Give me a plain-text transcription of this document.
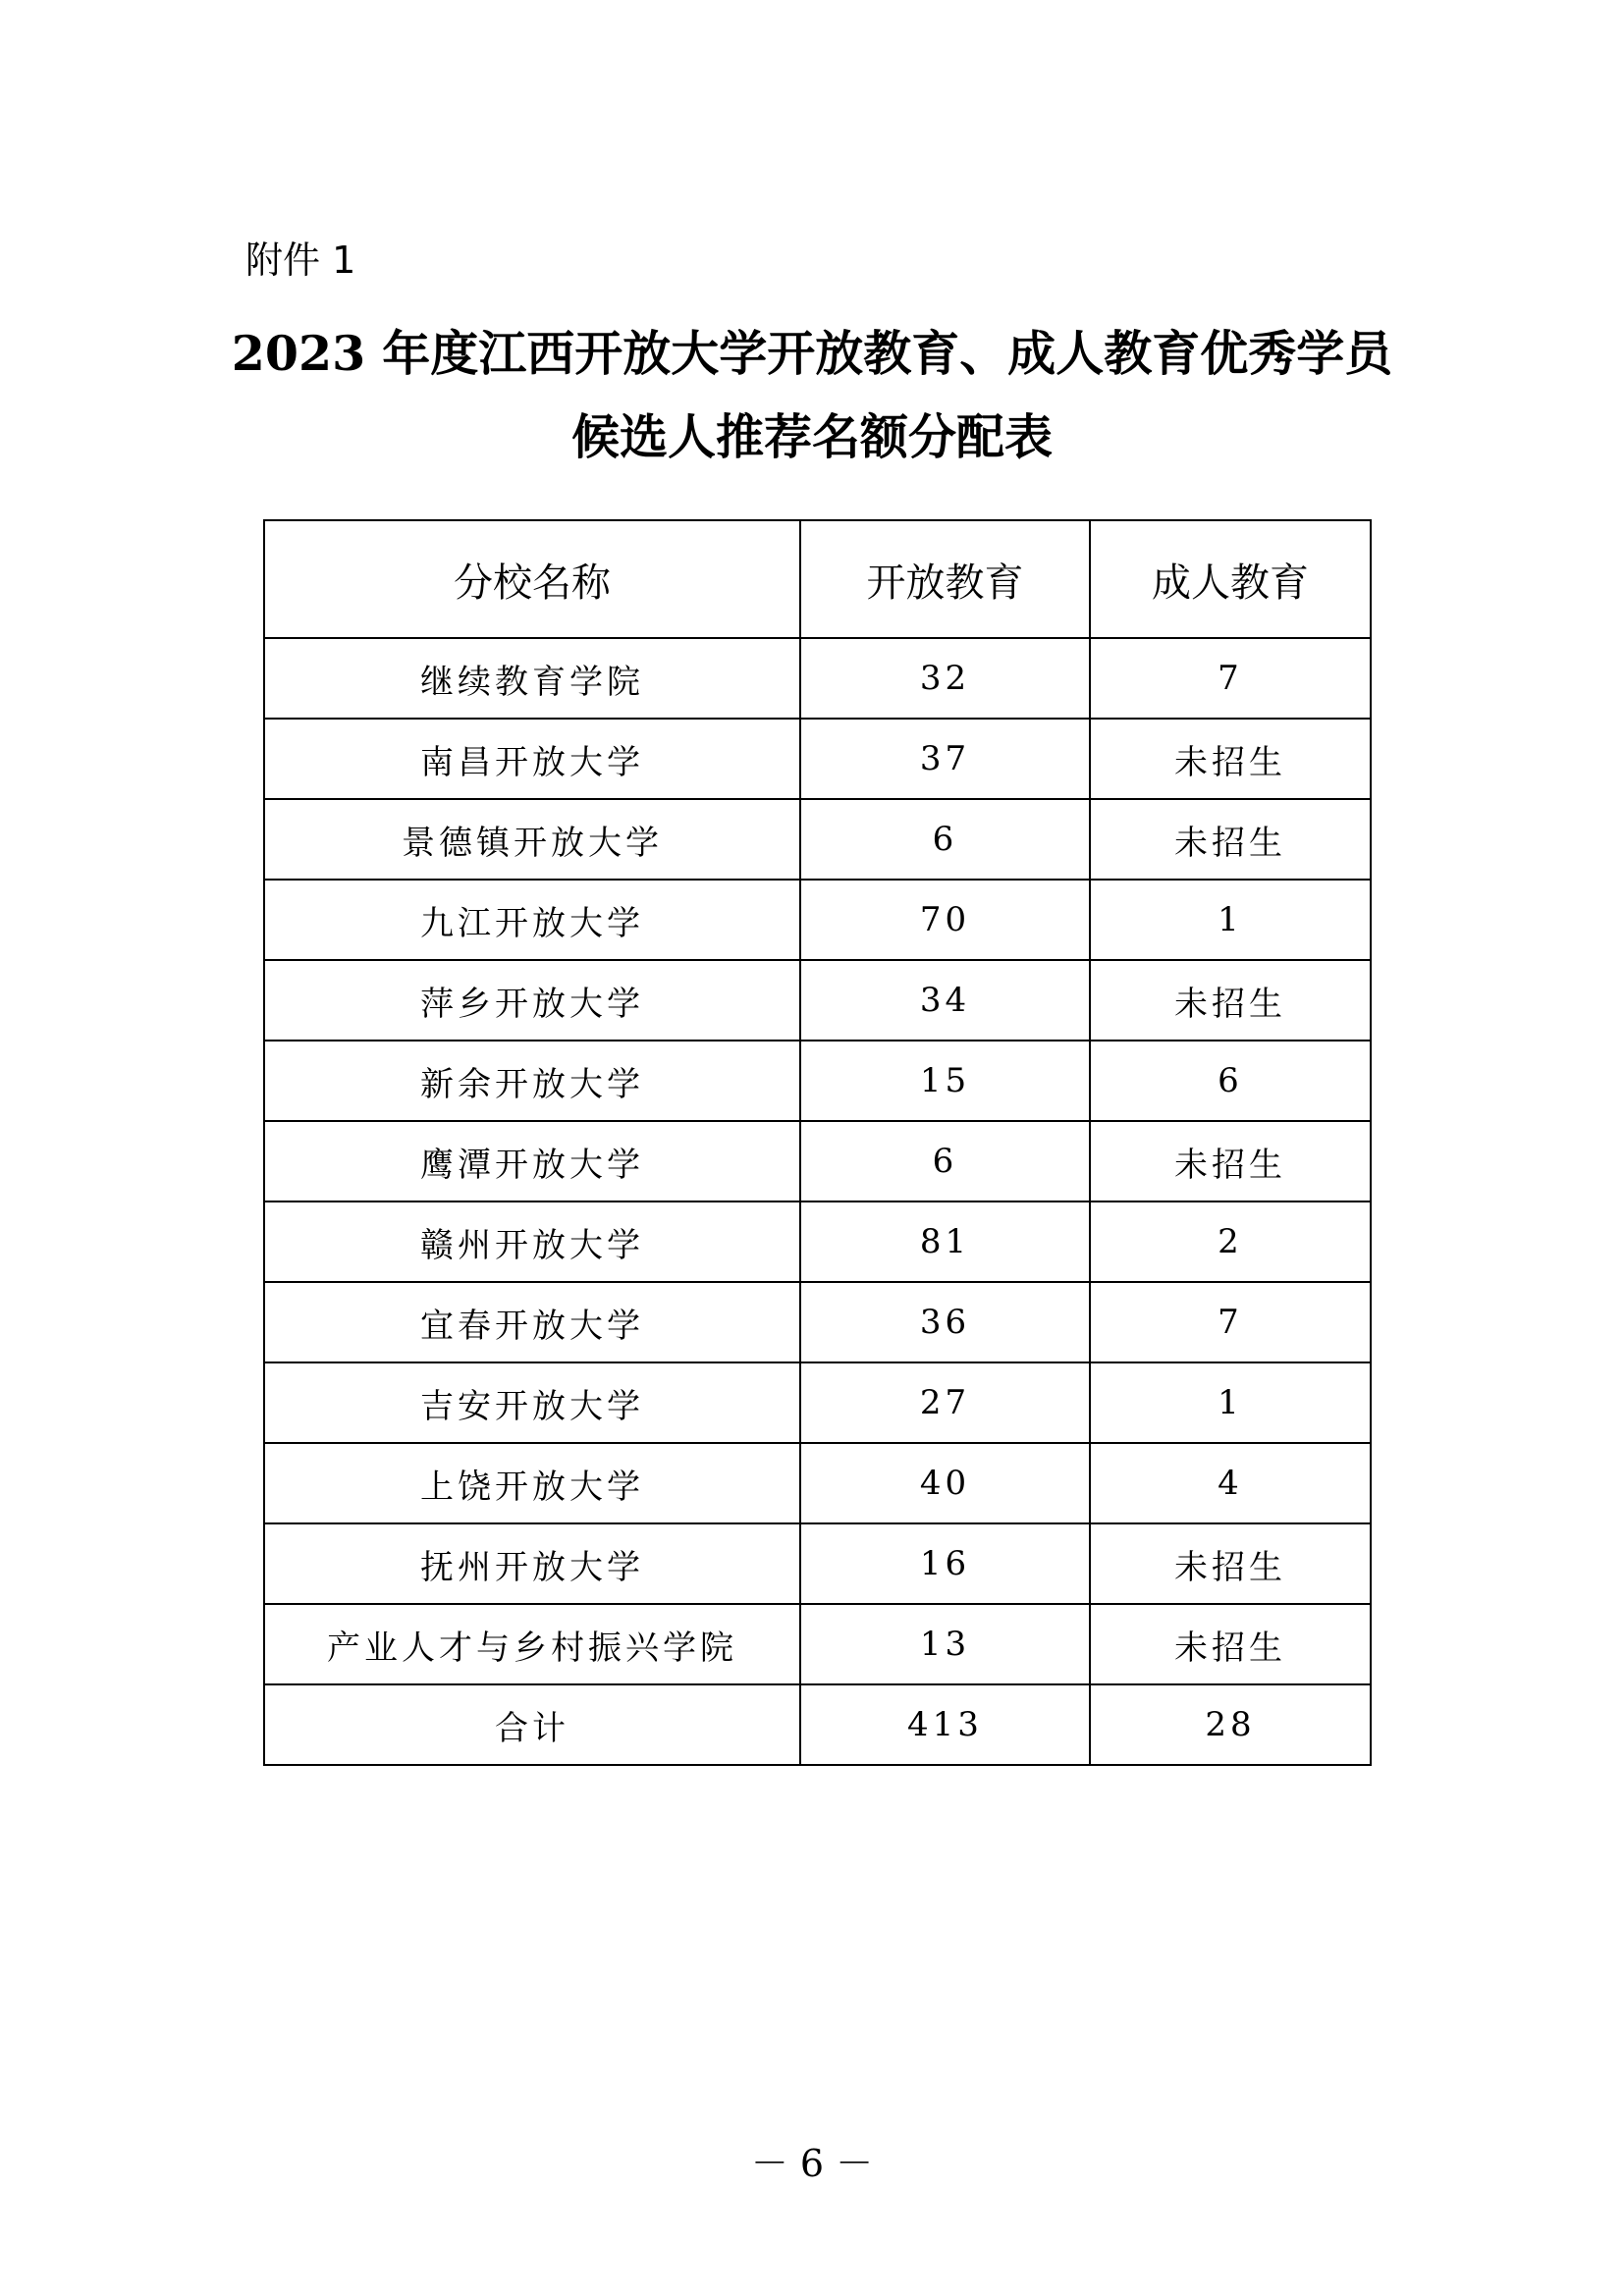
附件 1
2023 年度江西开放大学开放教育、成人教育优秀学员
候选人推荐名额分配表
分校名称	开放教育	成人教育
继续教育学院	32	7
南昌开放大学	37	未招生
景德镇开放大学	6	未招生
九江开放大学	70	1
萍乡开放大学	34	未招生
新余开放大学	15	6
鹰潭开放大学	6	未招生
赣州开放大学	81	2
宜春开放大学	36	7
吉安开放大学	27	1
上饶开放大学	40	4
抚州开放大学	16	未招生
产业人才与乡村振兴学院	13	未招生
合计	413	28
－ 6 －
